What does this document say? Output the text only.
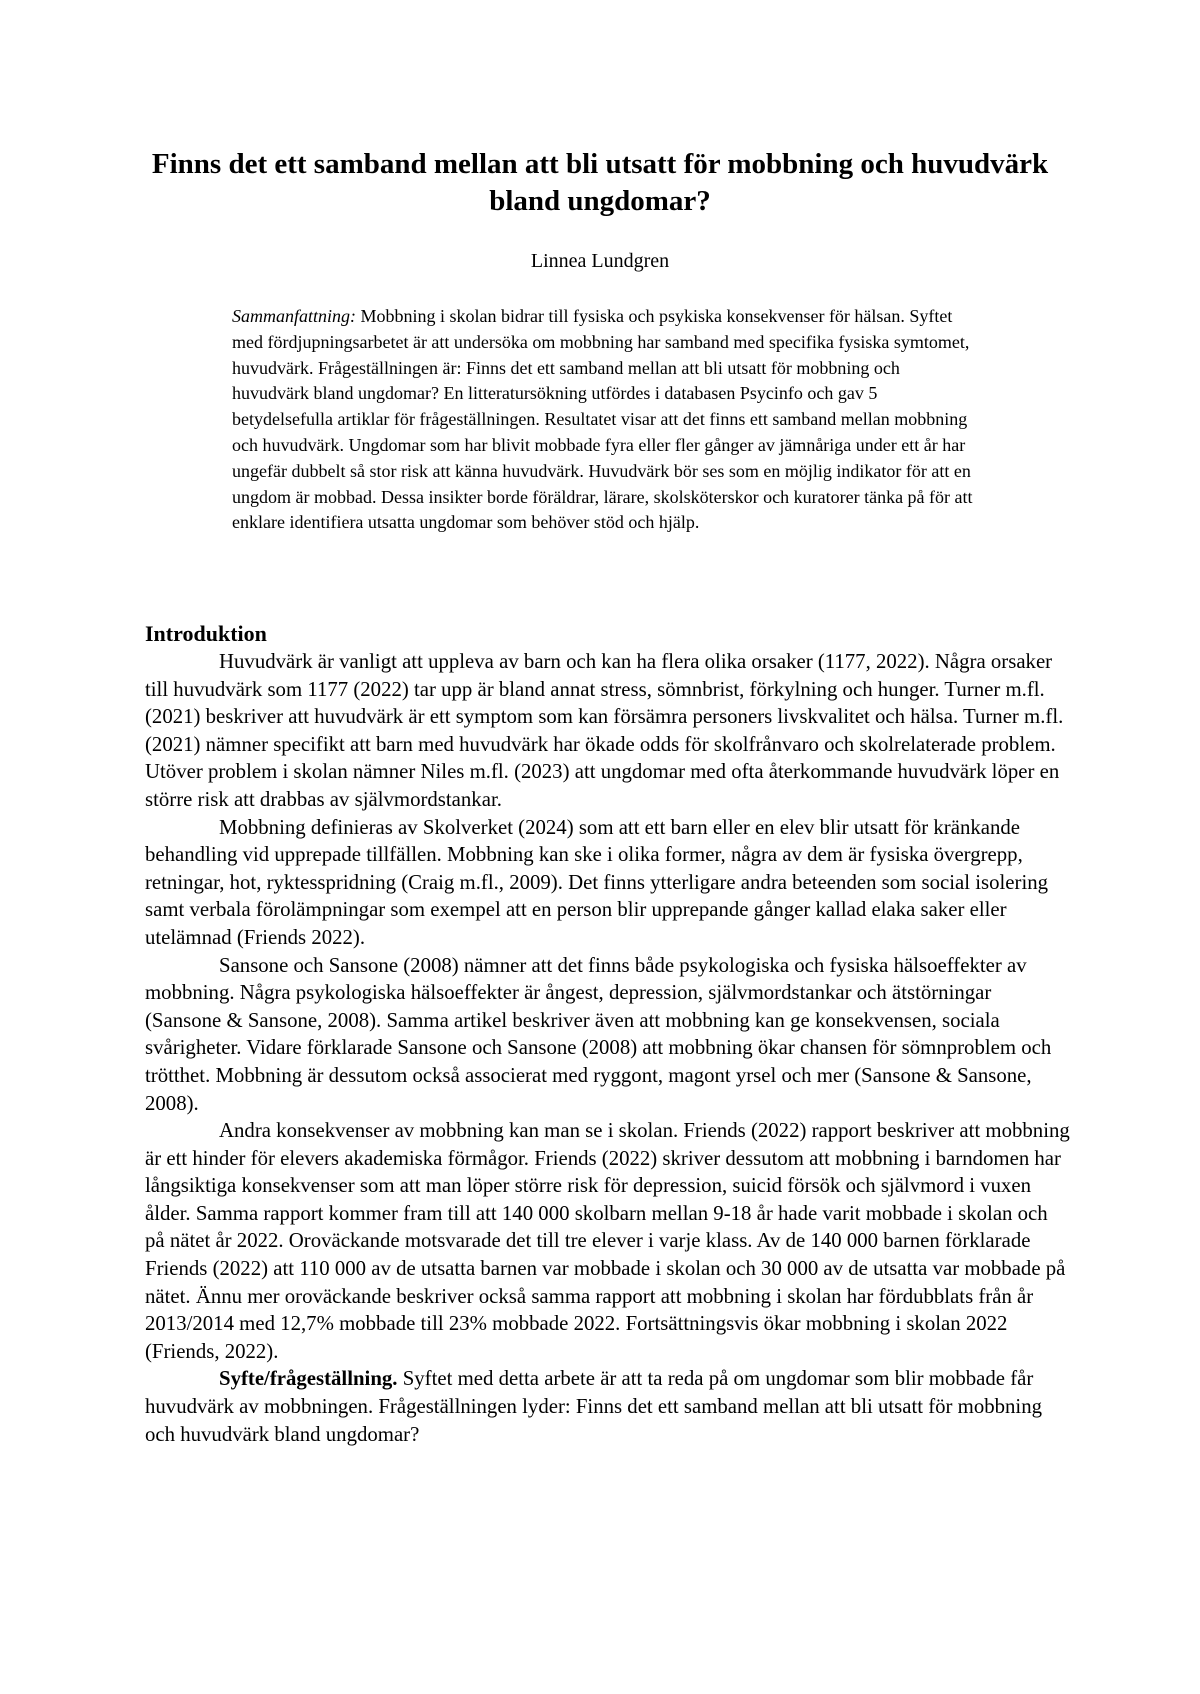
Finns det ett samband mellan att bli utsatt för mobbning och huvudvärk bland ungdomar?
Linnea Lundgren

Sammanfattning: Mobbning i skolan bidrar till fysiska och psykiska konsekvenser för hälsan. Syftet med fördjupningsarbetet är att undersöka om mobbning har samband med specifika fysiska symtomet, huvudvärk. Frågeställningen är: Finns det ett samband mellan att bli utsatt för mobbning och huvudvärk bland ungdomar? En litteratursökning utfördes i databasen Psycinfo och gav 5 betydelsefulla artiklar för frågeställningen. Resultatet visar att det finns ett samband mellan mobbning och huvudvärk. Ungdomar som har blivit mobbade fyra eller fler gånger av jämnåriga under ett år har ungefär dubbelt så stor risk att känna huvudvärk. Huvudvärk bör ses som en möjlig indikator för att en ungdom är mobbad. Dessa insikter borde föräldrar, lärare, skolsköterskor och kuratorer tänka på för att enklare identifiera utsatta ungdomar som behöver stöd och hjälp.

Introduktion

Huvudvärk är vanligt att uppleva av barn och kan ha flera olika orsaker (1177, 2022). Några orsaker till huvudvärk som 1177 (2022) tar upp är bland annat stress, sömnbrist, förkylning och hunger. Turner m.fl. (2021) beskriver att huvudvärk är ett symptom som kan försämra personers livskvalitet och hälsa. Turner m.fl. (2021) nämner specifikt att barn med huvudvärk har ökade odds för skolfrånvaro och skolrelaterade problem. Utöver problem i skolan nämner Niles m.fl. (2023) att ungdomar med ofta återkommande huvudvärk löper en större risk att drabbas av självmordstankar.

Mobbning definieras av Skolverket (2024) som att ett barn eller en elev blir utsatt för kränkande behandling vid upprepade tillfällen. Mobbning kan ske i olika former, några av dem är fysiska övergrepp, retningar, hot, ryktesspridning (Craig m.fl., 2009). Det finns ytterligare andra beteenden som social isolering samt verbala förolämpningar som exempel att en person blir upprepande gånger kallad elaka saker eller utelämnad (Friends 2022).

Sansone och Sansone (2008) nämner att det finns både psykologiska och fysiska hälsoeffekter av mobbning. Några psykologiska hälsoeffekter är ångest, depression, självmordstankar och ätstörningar (Sansone & Sansone, 2008). Samma artikel beskriver även att mobbning kan ge konsekvensen, sociala svårigheter. Vidare förklarade Sansone och Sansone (2008) att mobbning ökar chansen för sömnproblem och trötthet. Mobbning är dessutom också associerat med ryggont, magont yrsel och mer (Sansone & Sansone, 2008).

Andra konsekvenser av mobbning kan man se i skolan. Friends (2022) rapport beskriver att mobbning är ett hinder för elevers akademiska förmågor. Friends (2022) skriver dessutom att mobbning i barndomen har långsiktiga konsekvenser som att man löper större risk för depression, suicid försök och självmord i vuxen ålder. Samma rapport kommer fram till att 140 000 skolbarn mellan 9-18 år hade varit mobbade i skolan och på nätet år 2022. Oroväckande motsvarade det till tre elever i varje klass. Av de 140 000 barnen förklarade Friends (2022) att 110 000 av de utsatta barnen var mobbade i skolan och 30 000 av de utsatta var mobbade på nätet. Ännu mer oroväckande beskriver också samma rapport att mobbning i skolan har fördubblats från år 2013/2014 med 12,7% mobbade till 23% mobbade 2022. Fortsättningsvis ökar mobbning i skolan 2022 (Friends, 2022).

Syfte/frågeställning. Syftet med detta arbete är att ta reda på om ungdomar som blir mobbade får huvudvärk av mobbningen. Frågeställningen lyder: Finns det ett samband mellan att bli utsatt för mobbning och huvudvärk bland ungdomar?
